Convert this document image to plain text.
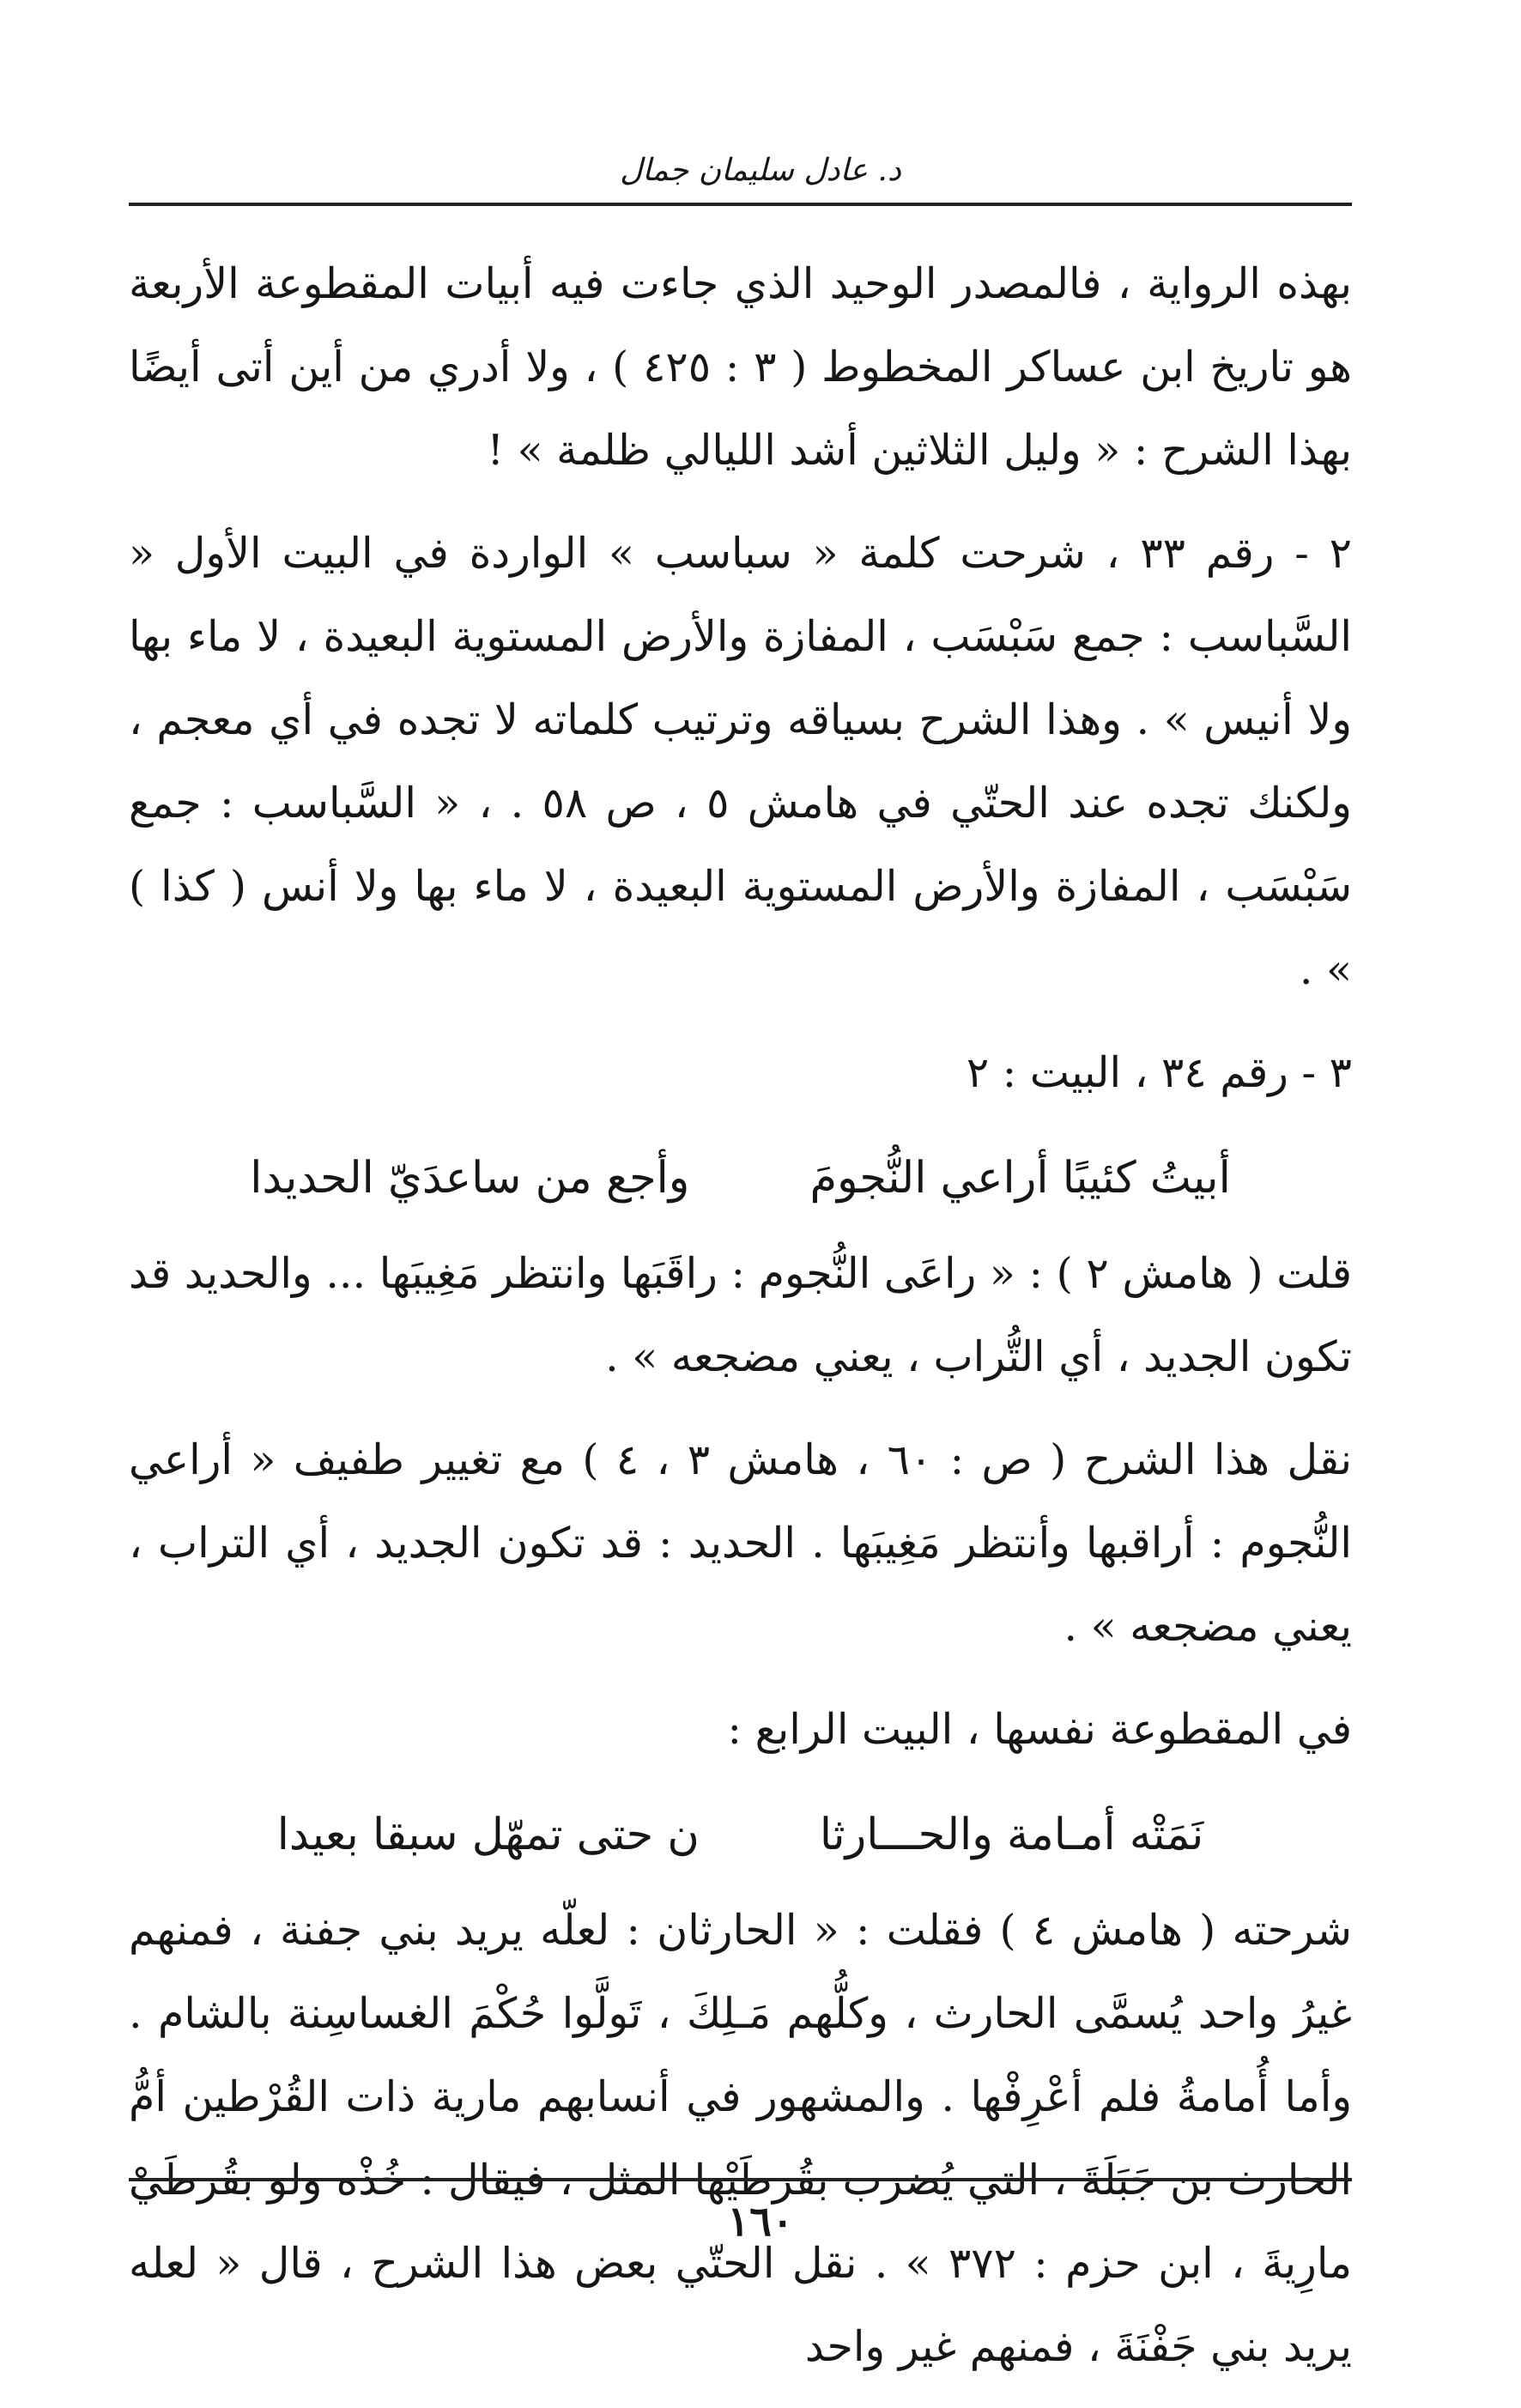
د. عادل سليمان جمال

بهذه الرواية ، فالمصدر الوحيد الذي جاءت فيه أبيات المقطوعة الأربعة هو تاريخ ابن عساكر المخطوط ( ٣ : ٤٢٥ ) ، ولا أدري من أين أتى أيضًا بهذا الشرح : « وليل الثلاثين أشد الليالي ظلمة » !

٢ - رقم ٣٣ ، شرحت كلمة « سباسب » الواردة في البيت الأول « السَّباسب : جمع سَبْسَب ، المفازة والأرض المستوية البعيدة ، لا ماء بها ولا أنيس » . وهذا الشرح بسياقه وترتيب كلماته لا تجده في أي معجم ، ولكنك تجده عند الحتّي في هامش ٥ ، ص ٥٨ . ، « السَّباسب : جمع سَبْسَب ، المفازة والأرض المستوية البعيدة ، لا ماء بها ولا أنس ( كذا ) » .

٣ - رقم ٣٤ ، البيت : ٢

أبيتُ كئيبًا أراعي النُّجومَ
وأجع من ساعدَيّ الحديدا

قلت ( هامش ٢ ) : « راعَى النُّجوم : راقَبَها وانتظر مَغِيبَها ... والحديد قد تكون الجديد ، أي التُّراب ، يعني مضجعه » .

نقل هذا الشرح ( ص : ٦٠ ، هامش ٣ ، ٤ ) مع تغيير طفيف « أراعي النُّجوم : أراقبها وأنتظر مَغِيبَها . الحديد : قد تكون الجديد ، أي التراب ، يعني مضجعه » .

في المقطوعة نفسها ، البيت الرابع :

نَمَتْه أمـامة والحـــارثا
ن حتى تمهّل سبقا بعيدا

شرحته ( هامش ٤ ) فقلت : « الحارثان : لعلّه يريد بني جفنة ، فمنهم غيرُ واحد يُسمَّى الحارث ، وكلُّهم مَـلِكَ ، تَولَّوا حُكْمَ الغساسِنة بالشام . وأما أُمامةُ فلم أعْرِفْها . والمشهور في أنسابهم مارية ذات القُرْطين أمُّ الحارث بن جَبَلَةَ ، التي يُضرب بقُرطَيْها المثل ، فيقال : خُذْه ولو بقُرطَيْ مارِيةَ ، ابن حزم : ٣٧٢ » . نقل الحتّي بعض هذا الشرح ، قال « لعله يريد بني جَفْنَةَ ، فمنهم غير واحد

١٦٠
